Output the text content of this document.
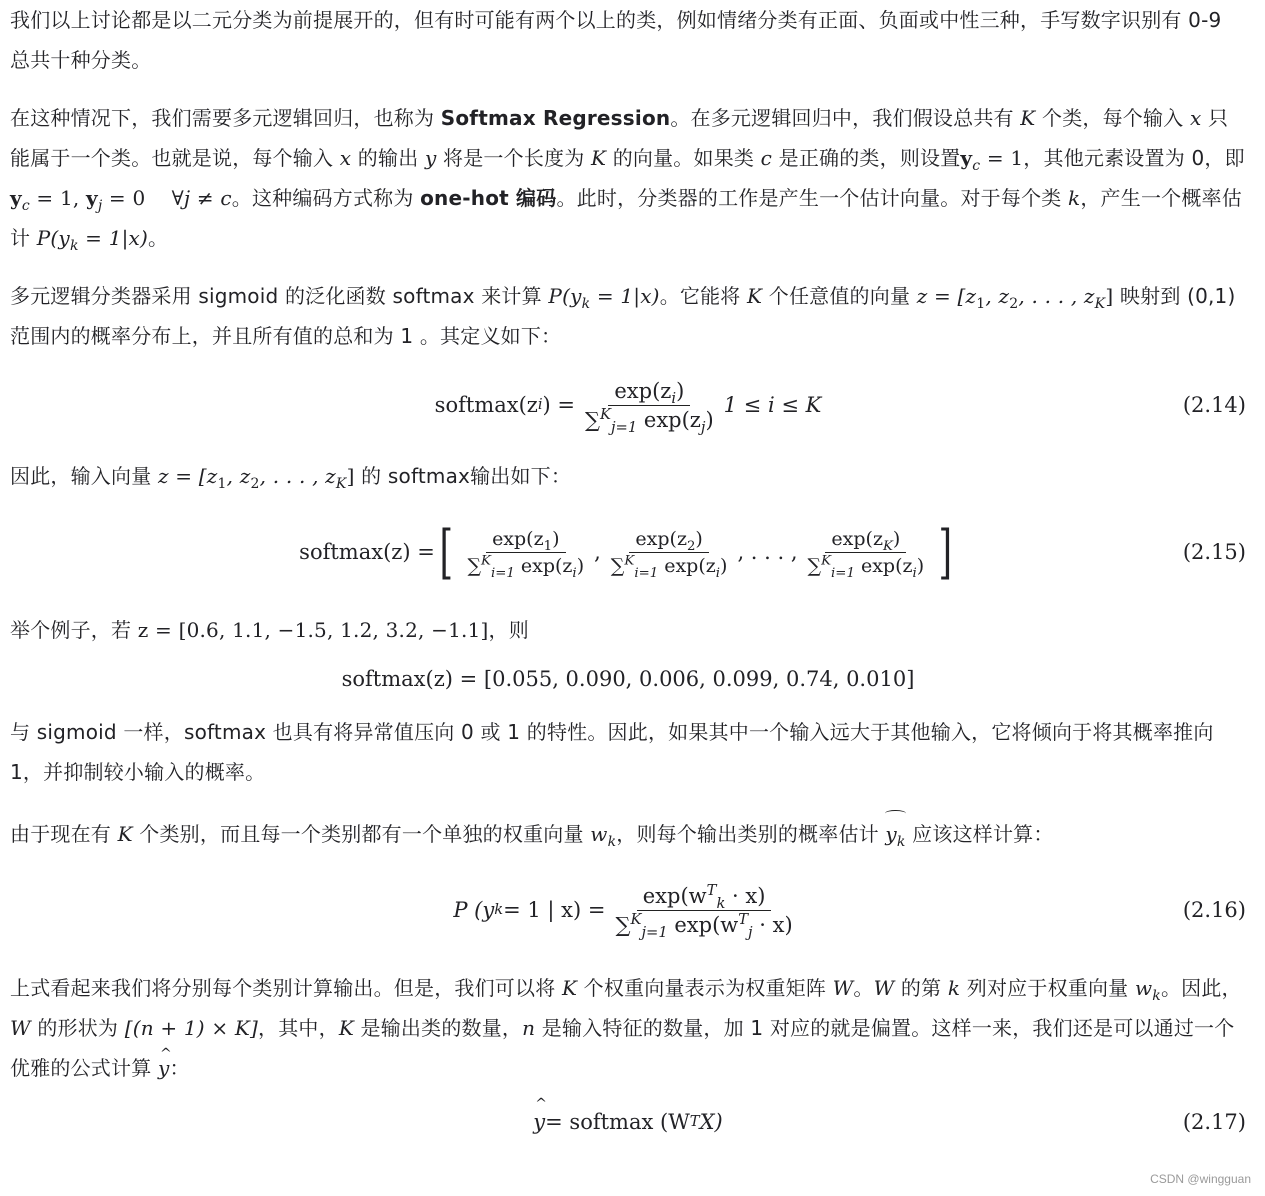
我们以上讨论都是以二元分类为前提展开的，但有时可能有两个以上的类，例如情绪分类有正面、负面或中性三种，手写数字识别有 0-9 总共十种分类。

在这种情况下，我们需要多元逻辑回归，也称为 Softmax Regression。在多元逻辑回归中，我们假设总共有 K 个类，每个输入 x 只能属于一个类。也就是说，每个输入 x 的输出 y 将是一个长度为 K 的向量。如果类 c 是正确的类，则设置$y_c = 1$，其他元素设置为 0，即$y_c = 1$, $y_j = 0$    ∀j ≠ c。这种编码方式称为 one-hot 编码。此时，分类器的工作是产生一个估计向量。对于每个类 k，产生一个概率估计 $P(y_k = 1|x)$。

多元逻辑分类器采用 sigmoid 的泛化函数 softmax 来计算 $P(y_k = 1|x)$。它能将 K 个任意值的向量 $z = [z_1$, $z_2$, . . . , $z_K$] 映射到 (0,1) 范围内的概率分布上，并且所有值的总和为 1 。其定义如下：

softmax(z i ) = $\frac{\exp(z_i)}{\sum^K_{j=1} \exp(z_j)} 1 \le i \le K$	(2.14)

因此，输入向量 $z = [z_1$, $z_2$, . . . , $z_K$] 的 softmax输出如下：

softmax(z) = [ $\frac{\exp(z_1)}{\sum^K_{i=1} \exp(z_i)}$ , $\frac{\exp(z_2)}{\sum^K_{i=1} \exp(z_i)}$ , . . . , $\frac{\exp(z_K)}{\sum^K_{i=1} \exp(z_i)}$ ]	(2.15)

举个例子，若 z = [0.6, 1.1, −1.5, 1.2, 3.2, −1.1]，则

softmax(z) = [0.055, 0.090, 0.006, 0.099, 0.74, 0.010]

与 sigmoid 一样，softmax 也具有将异常值压向 0 或 1 的特性。因此，如果其中一个输入远大于其他输入，它将倾向于将其概率推向 1，并抑制较小输入的概率。

由于现在有 K 个类别，而且每一个类别都有一个单独的权重向量 $w_k$，则每个输出类别的概率估计 $y_k$ 应该这样计算：

P (y k = 1 | $x) = \frac{\exp(w^T_k \cdot x)}{\sum^K_{j=1} \exp(w^T_j \cdot x)}$	(2.16)

上式看起来我们将分别每个类别计算输出。但是，我们可以将 K 个权重向量表示为权重矩阵 W。W 的第 k 列对应于权重向量 $w_k$。因此，W 的形状为 [(n + 1) × K]，其中，K 是输出类的数量，n 是输入特征的数量，加 1 对应的就是偏置。这样一来，我们还是可以通过一个优雅的公式计算 ^ y：

^ y = softmax (W T X)	(2.17)
CSDN @wingguan
